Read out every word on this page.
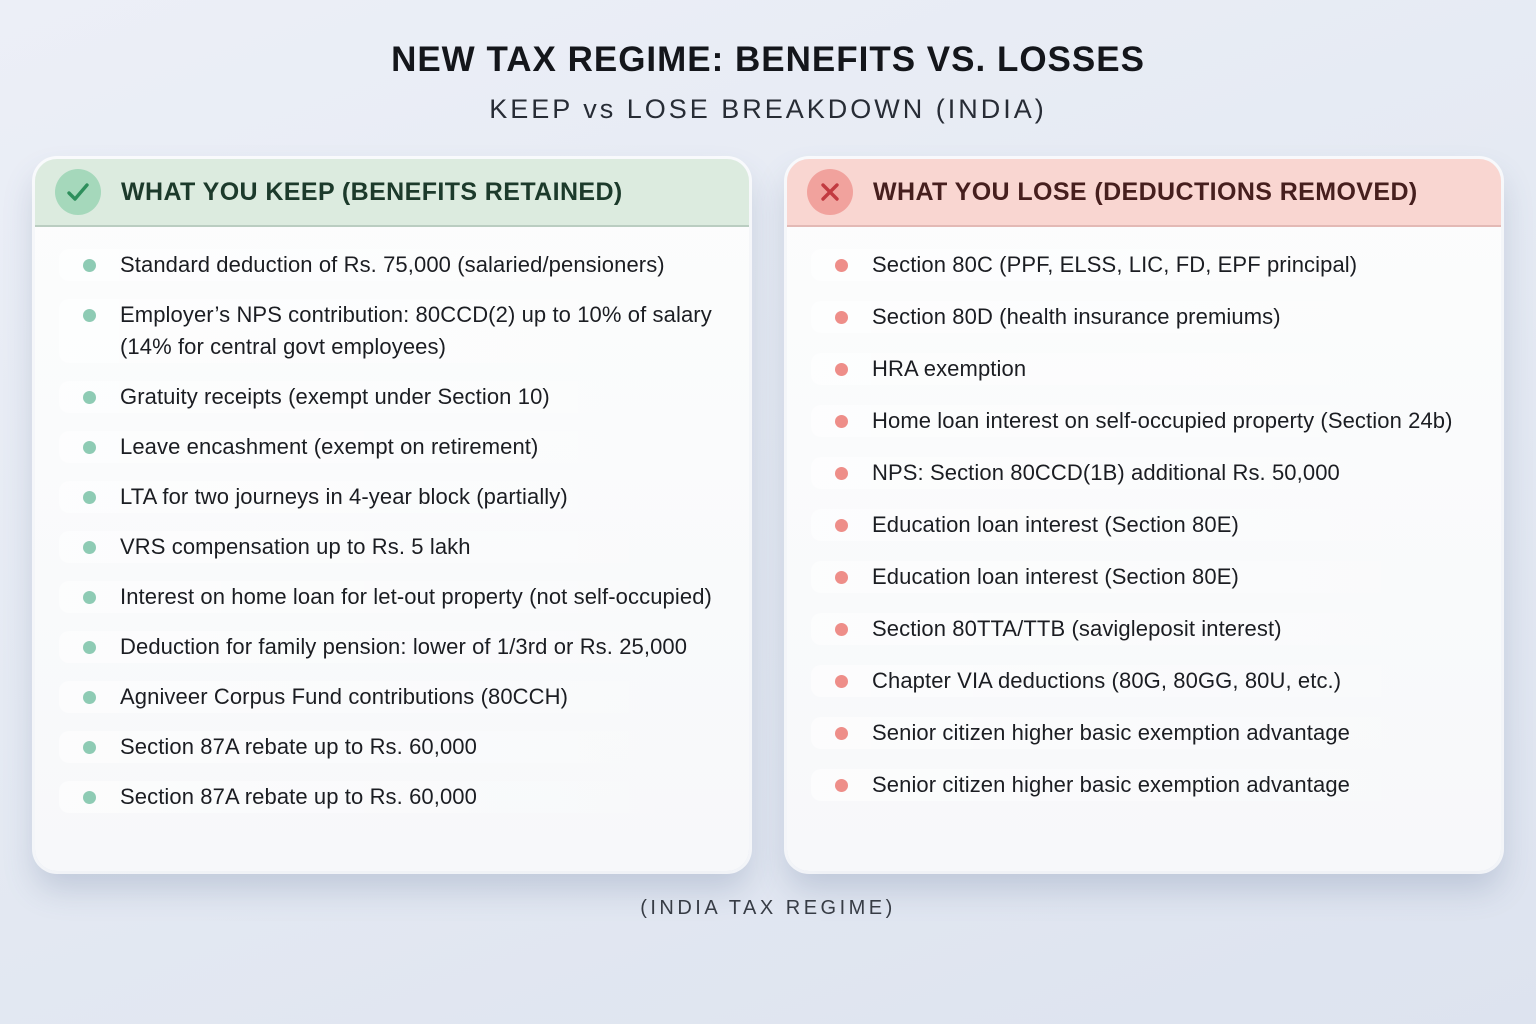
NEW TAX REGIME: BENEFITS VS. LOSSES
KEEP vs LOSE BREAKDOWN (INDIA)
WHAT YOU KEEP (BENEFITS RETAINED)
Standard deduction of Rs. 75,000 (salaried/pensioners)
Employer’s NPS contribution: 80CCD(2) up to 10% of salary (14% for central govt employees)
Gratuity receipts (exempt under Section 10)
Leave encashment (exempt on retirement)
LTA for two journeys in 4-year block (partially)
VRS compensation up to Rs. 5 lakh
Interest on home loan for let-out property (not self-occupied)
Deduction for family pension: lower of 1/3rd or Rs. 25,000
Agniveer Corpus Fund contributions (80CCH)
Section 87A rebate up to Rs. 60,000
Section 87A rebate up to Rs. 60,000
WHAT YOU LOSE (DEDUCTIONS REMOVED)
Section 80C (PPF, ELSS, LIC, FD, EPF principal)
Section 80D (health insurance premiums)
HRA exemption
Home loan interest on self-occupied property (Section 24b)
NPS: Section 80CCD(1B) additional Rs. 50,000
Education loan interest (Section 80E)
Education loan interest (Section 80E)
Section 80TTA/TTB (savigleposit interest)
Chapter VIA deductions (80G, 80GG, 80U, etc.)
Senior citizen higher basic exemption advantage
Senior citizen higher basic exemption advantage
(INDIA TAX REGIME)
